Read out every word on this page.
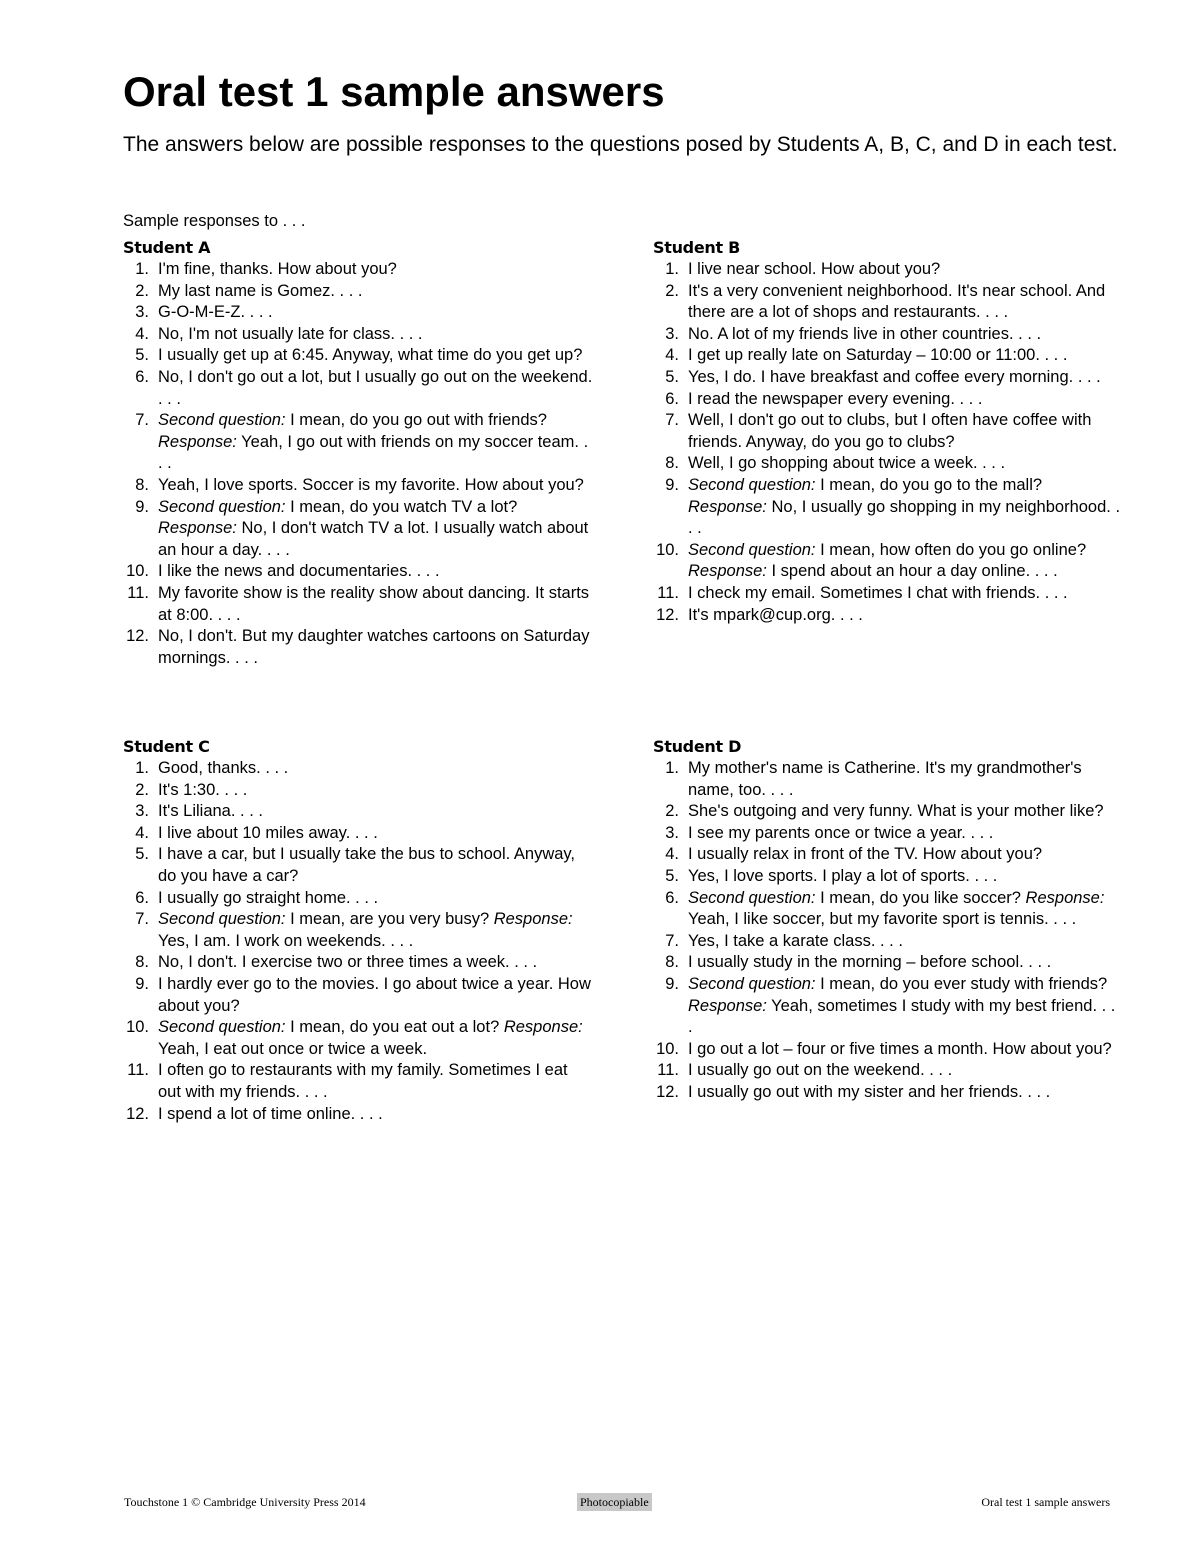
Oral test 1 sample answers

The answers below are possible responses to the questions posed by Students A, B, C, and D in each test.

Sample responses to . . .
Student A
1. I'm fine, thanks. How about you?
2. My last name is Gomez. . . .
3. G-O-M-E-Z. . . .
4. No, I'm not usually late for class. . . .
5. I usually get up at 6:45. Anyway, what time do you get up?
6. No, I don't go out a lot, but I usually go out on the weekend. . . .
7. Second question: I mean, do you go out with friends? Response: Yeah, I go out with friends on my soccer team. . . .
8. Yeah, I love sports. Soccer is my favorite. How about you?
9. Second question: I mean, do you watch TV a lot? Response: No, I don't watch TV a lot. I usually watch about an hour a day. . . .
10. I like the news and documentaries. . . .
11. My favorite show is the reality show about dancing. It starts at 8:00. . . .
12. No, I don't. But my daughter watches cartoons on Saturday mornings. . . .
Student B
1. I live near school. How about you?
2. It's a very convenient neighborhood. It's near school. And there are a lot of shops and restaurants. . . .
3. No. A lot of my friends live in other countries. . . .
4. I get up really late on Saturday – 10:00 or 11:00. . . .
5. Yes, I do. I have breakfast and coffee every morning. . . .
6. I read the newspaper every evening. . . .
7. Well, I don't go out to clubs, but I often have coffee with friends. Anyway, do you go to clubs?
8. Well, I go shopping about twice a week. . . .
9. Second question: I mean, do you go to the mall? Response: No, I usually go shopping in my neighborhood. . . .
10. Second question: I mean, how often do you go online? Response: I spend about an hour a day online. . . .
11. I check my email. Sometimes I chat with friends. . . .
12. It's mpark@cup.org. . . .
Student C
1. Good, thanks. . . .
2. It's 1:30. . . .
3. It's Liliana. . . .
4. I live about 10 miles away. . . .
5. I have a car, but I usually take the bus to school. Anyway, do you have a car?
6. I usually go straight home. . . .
7. Second question: I mean, are you very busy? Response: Yes, I am. I work on weekends. . . .
8. No, I don't. I exercise two or three times a week. . . .
9. I hardly ever go to the movies. I go about twice a year. How about you?
10. Second question: I mean, do you eat out a lot? Response: Yeah, I eat out once or twice a week.
11. I often go to restaurants with my family. Sometimes I eat out with my friends. . . .
12. I spend a lot of time online. . . .
Student D
1. My mother's name is Catherine. It's my grandmother's name, too. . . .
2. She's outgoing and very funny. What is your mother like?
3. I see my parents once or twice a year. . . .
4. I usually relax in front of the TV. How about you?
5. Yes, I love sports. I play a lot of sports. . . .
6. Second question: I mean, do you like soccer? Response: Yeah, I like soccer, but my favorite sport is tennis. . . .
7. Yes, I take a karate class. . . .
8. I usually study in the morning – before school. . . .
9. Second question: I mean, do you ever study with friends? Response: Yeah, sometimes I study with my best friend. . . .
10. I go out a lot – four or five times a month. How about you?
11. I usually go out on the weekend. . . .
12. I usually go out with my sister and her friends. . . .
Touchstone 1 © Cambridge University Press 2014	Photocopiable	Oral test 1 sample answers
